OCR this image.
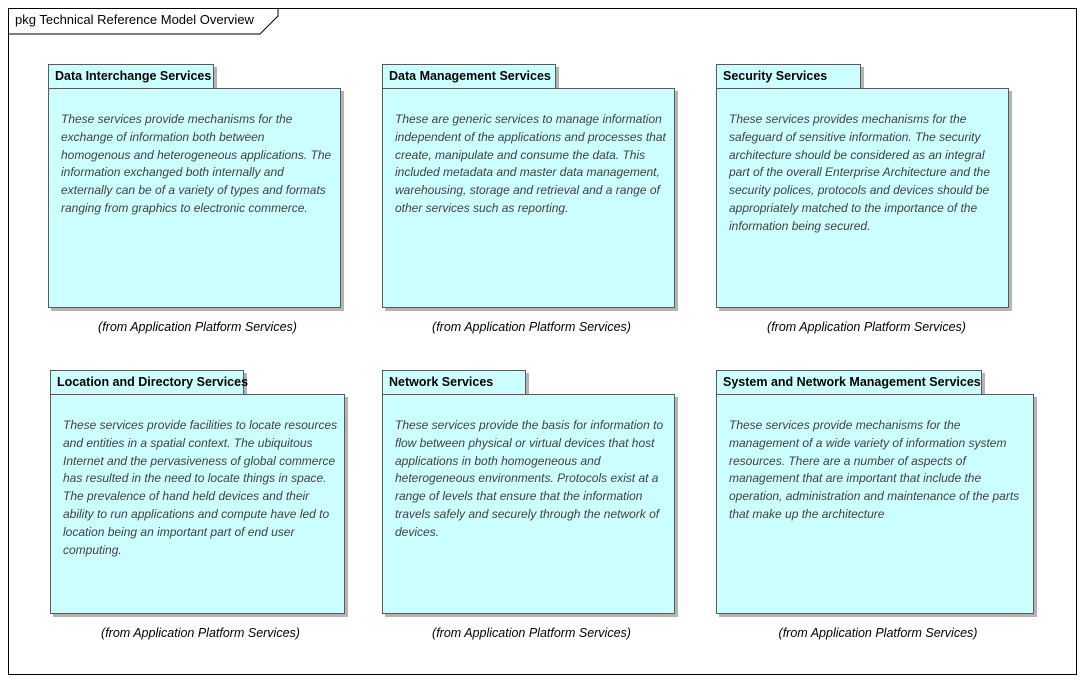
pkg Technical Reference Model Overview
Data Interchange Services

These services provide mechanisms for the exchange of information both between homogenous and heterogeneous applications. The information exchanged both internally and externally can be of a variety of types and formats ranging from graphics to electronic commerce.

(from Application Platform Services)
Data Management Services

These are generic services to manage information independent of the applications and processes that create, manipulate and consume the data. This included metadata and master data management, warehousing, storage and retrieval and a range of other services such as reporting.

(from Application Platform Services)
Security Services

These services provides mechanisms for the safeguard of sensitive information. The security architecture should be considered as an integral part of the overall Enterprise Architecture and the security polices, protocols and devices should be appropriately matched to the importance of the information being secured.

(from Application Platform Services)
Location and Directory Services

These services provide facilities to locate resources and entities in a spatial context. The ubiquitous Internet and the pervasiveness of global commerce has resulted in the need to locate things in space. The prevalence of hand held devices and their ability to run applications and compute have led to location being an important part of end user computing.

(from Application Platform Services)
Network Services

These services provide the basis for information to flow between physical or virtual devices that host applications in both homogeneous and heterogeneous environments. Protocols exist at a range of levels that ensure that the information travels safely and securely through the network of devices.

(from Application Platform Services)
System and Network Management Services

These services provide mechanisms for the management of a wide variety of information system resources. There are a number of aspects of management that are important that include the operation, administration and maintenance of the parts that make up the architecture

(from Application Platform Services)
